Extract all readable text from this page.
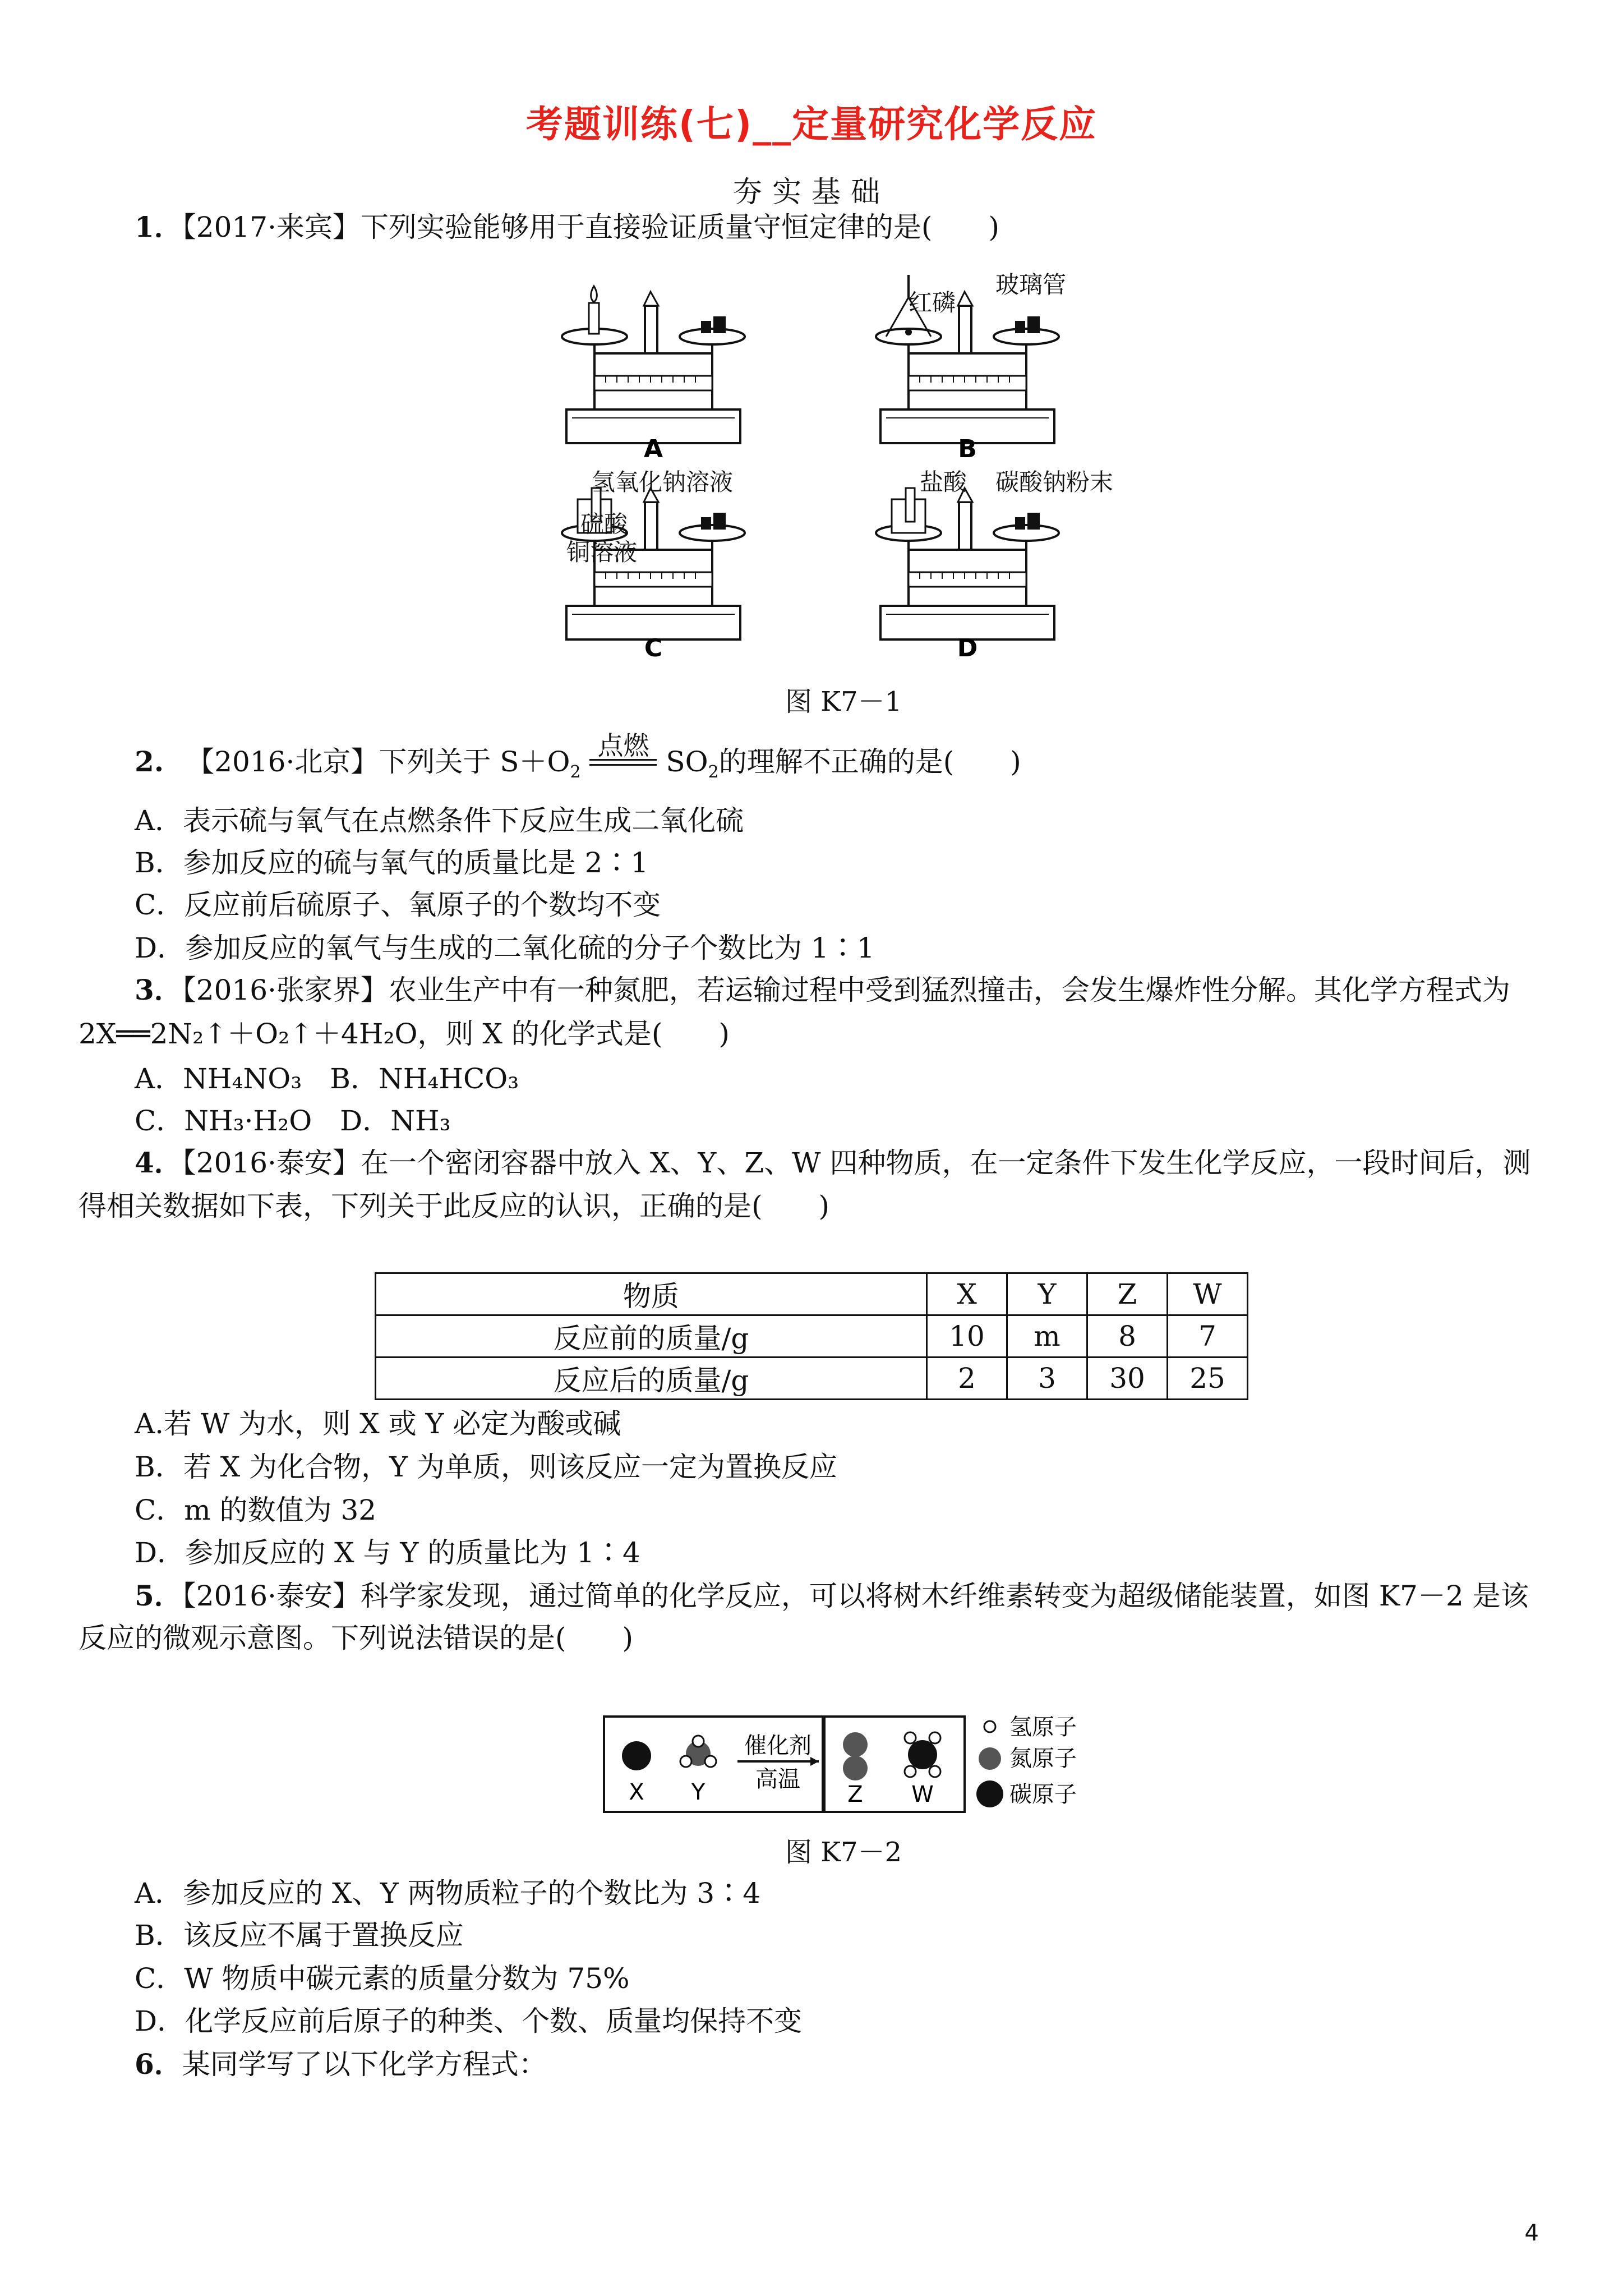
考题训练(七)__定量研究化学反应
夯实基础
1．【2017·来宾】下列实验能够用于直接验证质量守恒定律的是(　　)
A	B
C	D
红磷
玻璃管
氢氧化钠溶液
硫酸
铜溶液
盐酸 碳酸钠粉末
图 K7－1
2. 【2016·北京】下列关于 $S+O_2$
点燃 $SO_2$的理解不正确的是(　　)
A．表示硫与氧气在点燃条件下反应生成二氧化硫
B．参加反应的硫与氧气的质量比是 2∶1
C．反应前后硫原子、氧原子的个数均不变
D．参加反应的氧气与生成的二氧化硫的分子个数比为 1∶1
3．【2016·张家界】农业生产中有一种氮肥，若运输过程中受到猛烈撞击，会发生爆炸性分解。其化学方程式为
2X══2N₂↑＋O₂↑＋4H₂O，则 X 的化学式是(　　)
A．NH₄NO₃　B．NH₄HCO₃
C．NH₃·H₂O　D．NH₃
4．【2016·泰安】在一个密闭容器中放入 X、Y、Z、W 四种物质，在一定条件下发生化学反应，一段时间后，测
得相关数据如下表，下列关于此反应的认识，正确的是(　　)
物质	X	Y	Z	W
反应前的质量/g	10	m	8	7
反应后的质量/g	2	3	30	25
A.若 W 为水，则 X 或 Y 必定为酸或碱
B．若 X 为化合物，Y 为单质，则该反应一定为置换反应
C．m 的数值为 32
D．参加反应的 X 与 Y 的质量比为 1∶4
5．【2016·泰安】科学家发现，通过简单的化学反应，可以将树木纤维素转变为超级储能装置，如图 K7－2 是该
反应的微观示意图。下列说法错误的是(　　)
X Y
催化剂
高温
Z W
氢原子
氮原子
碳原子
图 K7－2
A．参加反应的 X、Y 两物质粒子的个数比为 3∶4
B．该反应不属于置换反应
C．W 物质中碳元素的质量分数为 75%
D．化学反应前后原子的种类、个数、质量均保持不变
6．某同学写了以下化学方程式：
4
